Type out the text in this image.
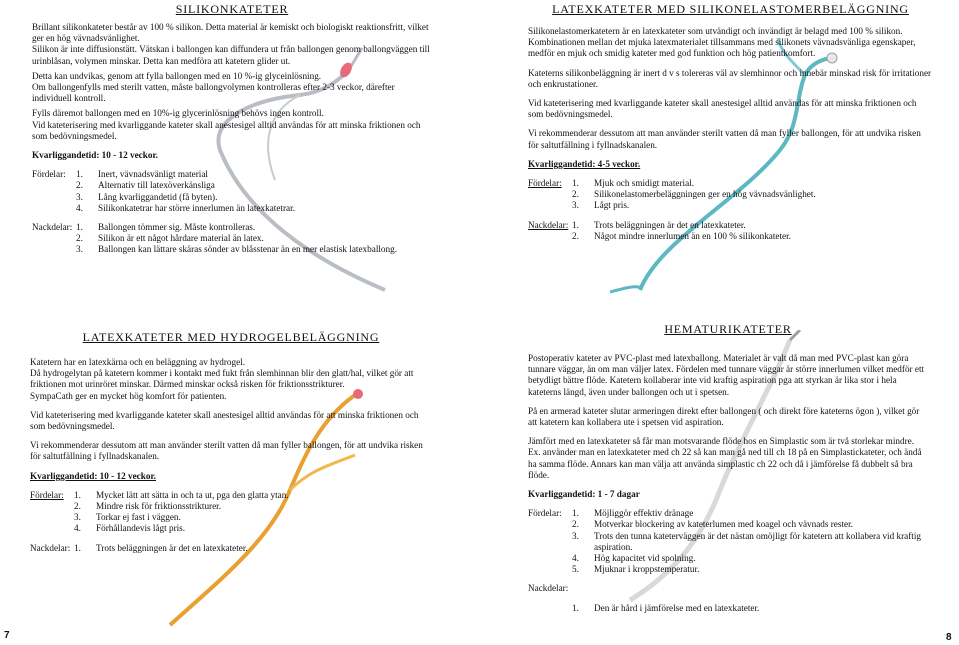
SILIKONKATETER

Brillant silikonkateter består av 100 % silikon. Detta material är kemiskt och biologiskt reaktionsfritt, vilket ger en hög vävnadsvänlighet.

Silikon är inte diffusionstätt. Vätskan i ballongen kan diffundera ut från ballongen genom ballongväggen till urinblåsan, volymen minskar. Detta kan medföra att katetern glider ut.

Detta kan undvikas, genom att fylla ballongen med en 10 %-ig glyceinlösning.

Om ballongenfylls med sterilt vatten, måste ballongvolymen kontrolleras efter 2-3 veckor, därefter individuell kontroll.

Fylls däremot ballongen med en 10%-ig glycerinlösning behövs ingen kontroll.

Vid kateterisering med kvarliggande kateter skall anestesigel alltid användas för att minska friktionen och som bedövningsmedel.

Kvarliggandetid: 10 - 12 veckor.

Fördelar:	1.	Inert, vävnadsvänligt material
	2.	Alternativ till latexöverkänsliga
	3.	Lång kvarliggandetid (få byten).
	4.	Silikonkatetrar har större innerlumen än latexkatetrar.
Nackdelar:	1.	Ballongen tömmer sig. Måste kontrolleras.
	2.	Silikon är ett något hårdare material än latex.
	3.	Ballongen kan lättare skäras sönder av blåsstenar än en mer elastisk latexballong.

LATEXKATETER MED SILIKONELASTOMERBELÄGGNING

Silikonelastomerkatetern är en latexkateter som utvändigt och invändigt är belagd med 100 % silikon. Kombinationen mellan det mjuka latexmaterialet tillsammans med silikonets vävnadsvänliga egenskaper, medför en mjuk och smidig kateter med god funktion och hög patientkomfort.

Kateterns silikonbeläggning är inert d v s tolereras väl av slemhinnor och innebär minskad risk för irritationer och enkrustationer.

Vid kateterisering med kvarliggande kateter skall anestesigel alltid användas för att minska friktionen och som bedövningsmedel.

Vi rekommenderar dessutom att man använder sterilt vatten då man fyller ballongen, för att undvika risken för saltutfällning i fyllnadskanalen.

Kvarliggandetid: 4-5 veckor.

Fördelar:	1.	Mjuk och smidigt material.
	2.	Silikonelastomerbeläggningen ger en hög vävnadsvänlighet.
	3.	Lågt pris.
Nackdelar:	1.	Trots beläggningen är det en latexkateter.
	2.	Något mindre innerlumen än en 100 % silikonkateter.

LATEXKATETER MED HYDROGELBELÄGGNING

Katetern har en latexkärna och en beläggning av hydrogel.

Då hydrogelytan på katetern kommer i kontakt med fukt från slemhinnan blir den glatt/hal, vilket gör att friktionen mot urinröret minskar. Därmed minskar också risken för friktionsstrikturer.

SympaCath ger en mycket hög komfort för patienten.

Vid kateterisering med kvarliggande kateter skall anestesigel alltid användas för att minska friktionen och som bedövningsmedel.

Vi rekommenderar dessutom att man använder sterilt vatten då man fyller ballongen, för att undvika risken för saltutfällning i fyllnadskanalen.

Kvarliggandetid: 10 - 12 veckor.

Fördelar:	1.	Mycket lätt att sätta in och ta ut, pga den glatta ytan.
	2.	Mindre risk för friktionsstrikturer.
	3.	Torkar ej fast i väggen.
	4.	Förhållandevis lågt pris.
Nackdelar:	1.	Trots beläggningen är det en latexkateter.

HEMATURIKATETER

Postoperativ kateter av PVC-plast med latexballong. Materialet är valt då man med PVC-plast kan göra tunnare väggar, än om man väljer latex. Fördelen med tunnare väggar är större innerlumen vilket medför ett betydligt bättre flöde. Katetern kollaberar inte vid kraftig aspiration pga att styrkan är lika stor i hela kateterns längd, även under ballongen och ut i spetsen.

På en armerad kateter slutar armeringen direkt efter ballongen ( och direkt före kateterns ögon ), vilket gör att katetern kan kollabera ute i spetsen vid aspiration.

Jämfört med en latexkateter så får man motsvarande flöde hos en Simplastic som är två storlekar mindre. Ex. använder man en latexkateter med ch 22 så kan man gå ned till ch 18 på en Simplastickateter, och ändå ha samma flöde. Annars kan man välja att använda simplastic ch 22 och då i jämförelse få dubbelt så bra flöde.

Kvarliggandetid: 1 - 7 dagar

Fördelar:	1.	Möjliggör effektiv dränage
	2.	Motverkar blockering av kateterlumen med koagel och vävnads rester.
	3.	Trots den tunna kateterväggen är det nästan omöjligt för katetern att kollabera vid kraftig aspiration.
	4.	Hög kapacitet vid spolning.
	5.	Mjuknar i kroppstemperatur.

Nackdelar:

	1.	Den är hård i jämförelse med en latexkateter.
7	8
